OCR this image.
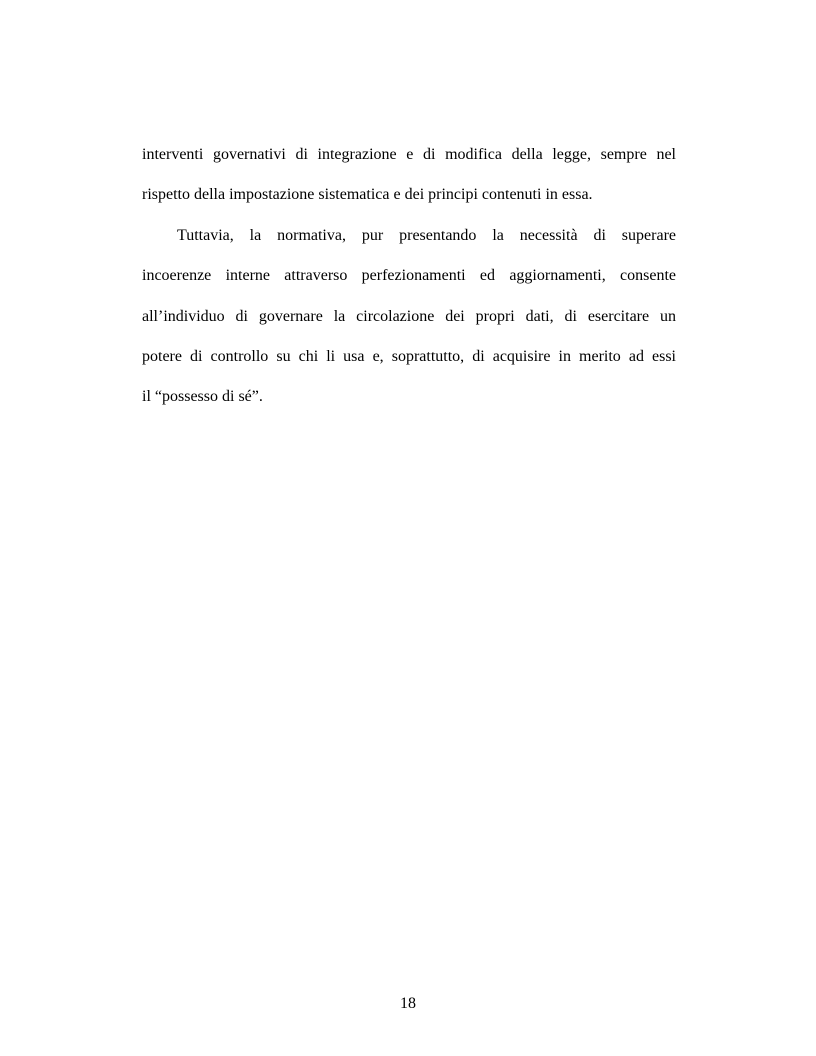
interventi governativi di integrazione e di modifica della legge, sempre nel
rispetto della impostazione sistematica e dei principi contenuti in essa.
Tuttavia, la normativa, pur presentando la necessità di superare
incoerenze interne attraverso perfezionamenti ed aggiornamenti, consente
all’individuo di governare la circolazione dei propri dati, di esercitare un
potere di controllo su chi li usa e, soprattutto, di acquisire in merito ad essi
il “possesso di sé”.
18
